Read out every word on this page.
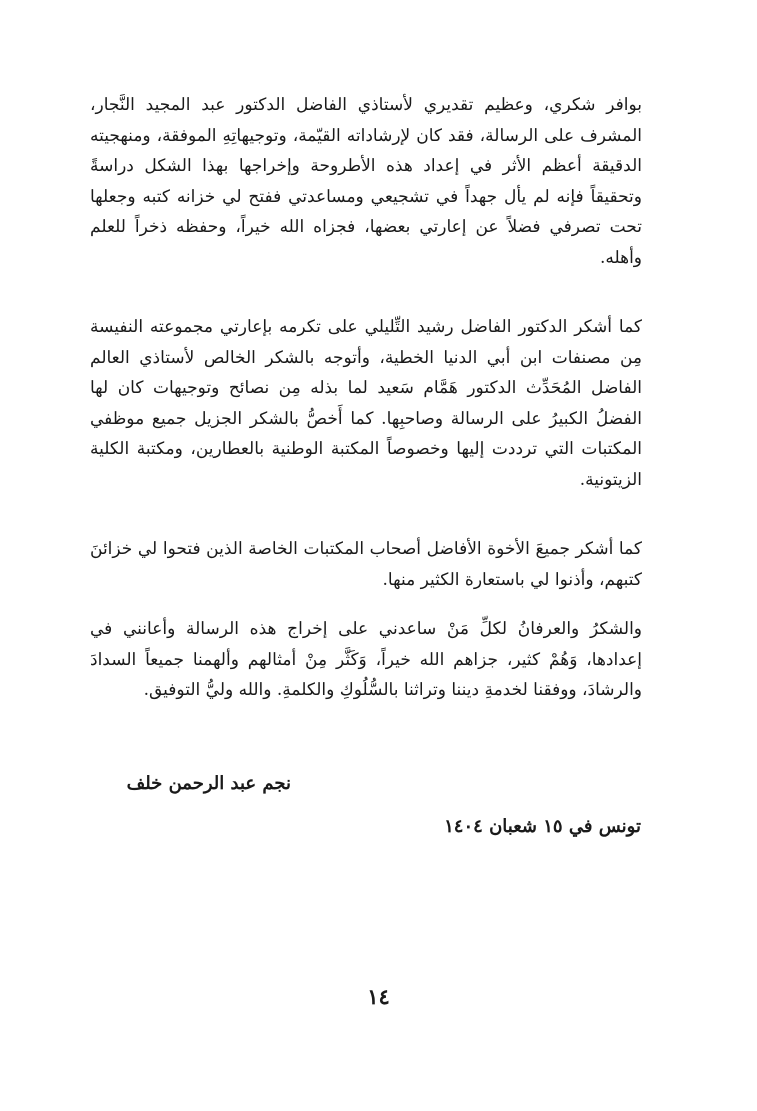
بوافر شكري، وعظيم تقديري لأستاذي الفاضل الدكتور عبد المجيد النَّجار، المشرف على الرسالة، فقد كان لإرشاداته القيّمة، وتوجيهاتِهِ الموفقة، ومنهجيته الدقيقة أعظم الأثر في إعداد هذه الأطروحة وإخراجها بهذا الشكل دراسةً وتحقيقاً فإنه لم يأل جهداً في تشجيعي ومساعدتي ففتح لي خزانه كتبه وجعلها تحت تصرفي فضلاً عن إعارتي بعضها، فجزاه الله خيراً، وحفظه ذخراً للعلم وأهله.

كما أشكر الدكتور الفاضل رشيد التِّليلي على تكرمه بإعارتي مجموعته النفيسة مِن مصنفات ابن أبي الدنيا الخطية، وأتوجه بالشكر الخالص لأستاذي العالم الفاضل المُحَدِّث الدكتور هَمَّام سَعيد لما بذله مِن نصائح وتوجيهات كان لها الفضلُ الكبيرُ على الرسالة وصاحبِها. كما أَخصُّ بالشكر الجزيل جميع موظفي المكتبات التي ترددت إليها وخصوصاً المكتبة الوطنية بالعطارين، ومكتبة الكلية الزيتونية.

كما أشكر جميعَ الأخوة الأفاضل أصحاب المكتبات الخاصة الذين فتحوا لي خزائنَ كتبهم، وأذنوا لي باستعارة الكثير منها.

والشكرُ والعرفانُ لكلِّ مَنْ ساعدني على إخراج هذه الرسالة وأعانني في إعدادها، وَهُمْ كثير، جزاهم الله خيراً، وَكَثَّر مِنْ أمثالهم وألهمنا جميعاً السدادَ والرشادَ، ووفقنا لخدمةِ ديننا وتراثنا بالسُّلُوكِ والكلمةِ. والله وليُّ التوفيق.

نجم عبد الرحمن خلف
تونس في ١٥ شعبان ١٤٠٤
١٤
